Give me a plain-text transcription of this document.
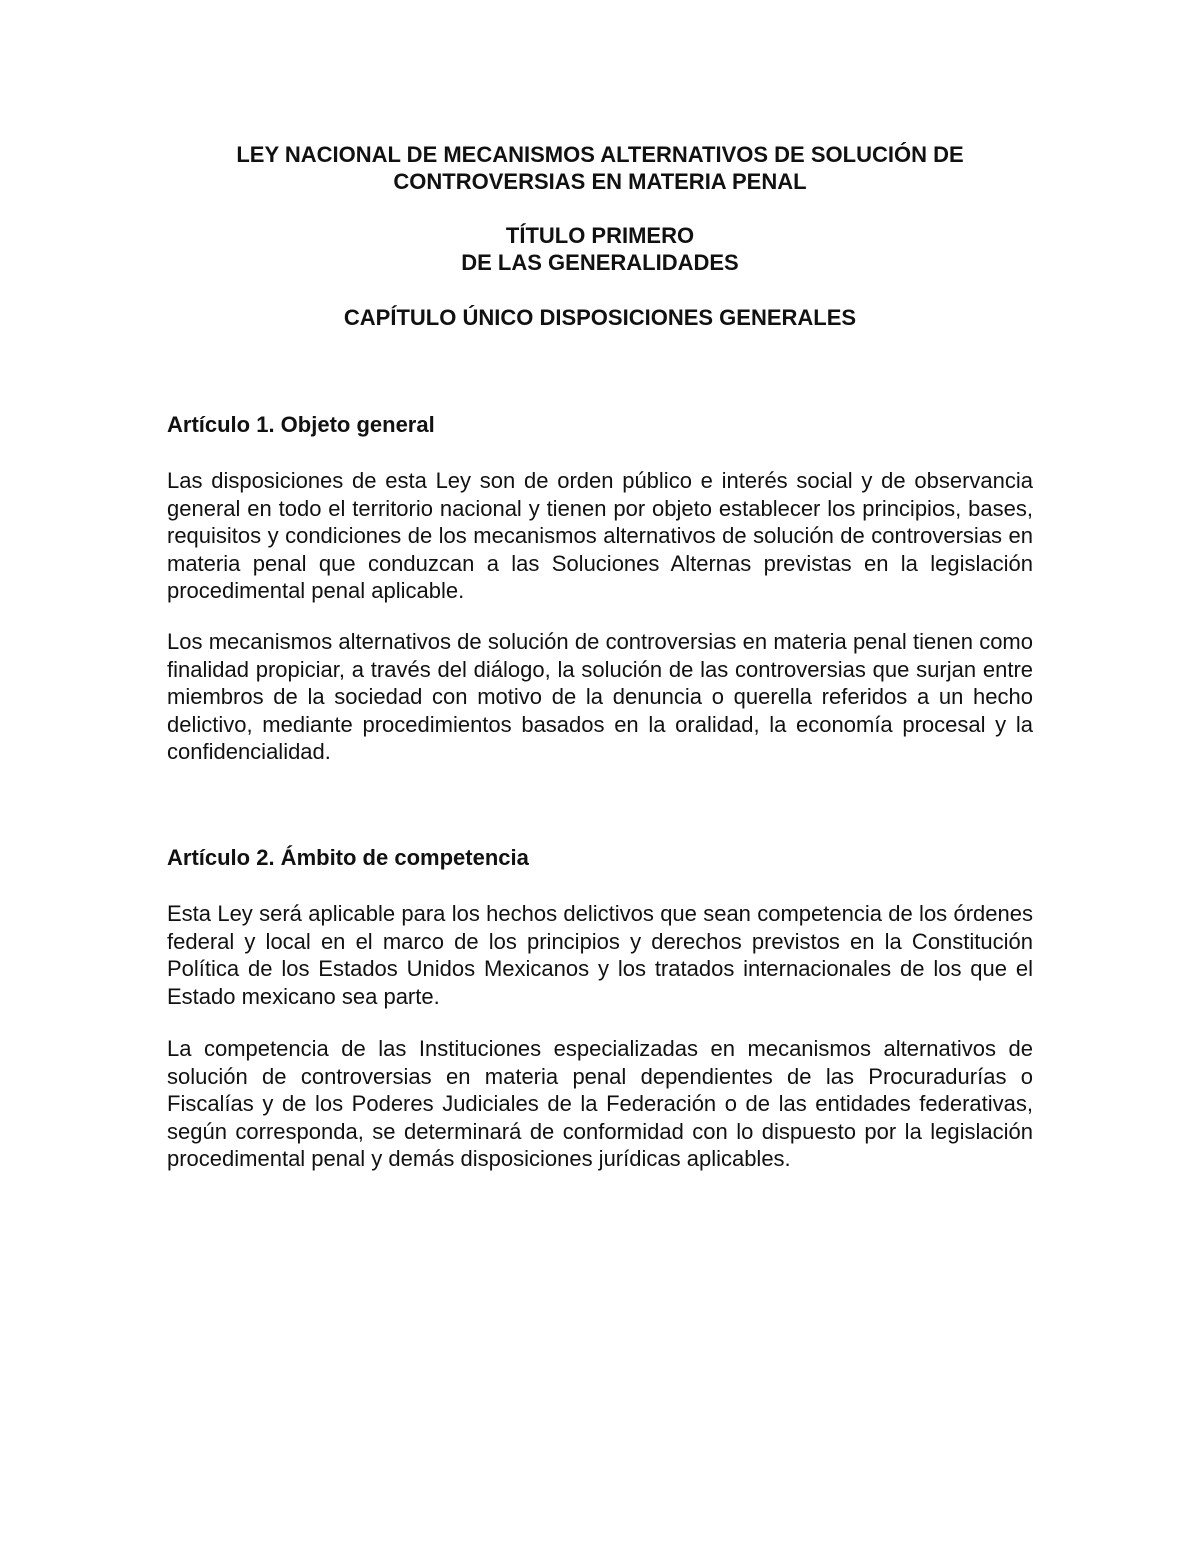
LEY NACIONAL DE MECANISMOS ALTERNATIVOS DE SOLUCIÓN DE
CONTROVERSIAS EN MATERIA PENAL
TÍTULO PRIMERO
DE LAS GENERALIDADES
CAPÍTULO ÚNICO DISPOSICIONES GENERALES
Artículo 1. Objeto general

Las disposiciones de esta Ley son de orden público e interés social y de observancia general en todo el territorio nacional y tienen por objeto establecer los principios, bases, requisitos y condiciones de los mecanismos alternativos de solución de controversias en materia penal que conduzcan a las Soluciones Alternas previstas en la legislación procedimental penal aplicable.

Los mecanismos alternativos de solución de controversias en materia penal tienen como finalidad propiciar, a través del diálogo, la solución de las controversias que surjan entre miembros de la sociedad con motivo de la denuncia o querella referidos a un hecho delictivo, mediante procedimientos basados en la oralidad, la economía procesal y la confidencialidad.

Artículo 2. Ámbito de competencia

Esta Ley será aplicable para los hechos delictivos que sean competencia de los órdenes federal y local en el marco de los principios y derechos previstos en la Constitución Política de los Estados Unidos Mexicanos y los tratados internacionales de los que el Estado mexicano sea parte.

La competencia de las Instituciones especializadas en mecanismos alternativos de solución de controversias en materia penal dependientes de las Procuradurías o Fiscalías y de los Poderes Judiciales de la Federación o de las entidades federativas, según corresponda, se determinará de conformidad con lo dispuesto por la legislación procedimental penal y demás disposiciones jurídicas aplicables.
